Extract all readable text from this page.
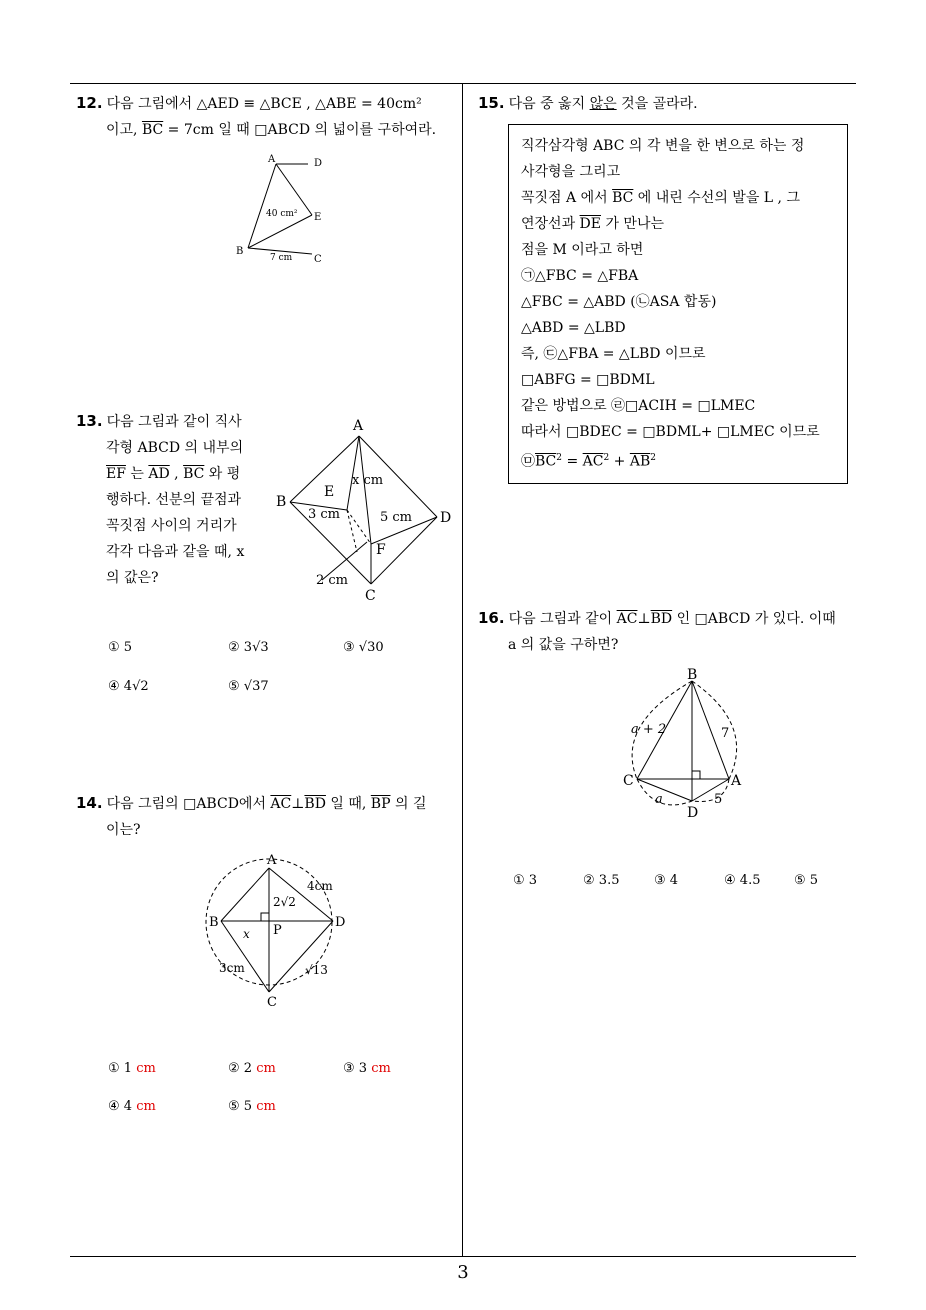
12. 다음 그림에서 △AED ≡ △BCE , △ABE = 40cm²
이고, $\overline{BC} = 7cm$ 일 때 □ABCD 의 넓이를 구하여라.
A	D
E
B
C
40 cm²
7 cm
13. 다음 그림과 같이 직사
각형 ABCD 의 내부의
$\overline{EF}$ 는 $\overline{AD}$ , $\overline{BC}$ 와 평
행하다. 선분의 끝점과
꼭짓점 사이의 거리가
각각 다음과 같을 때, x
의 값은?
A
B
C
D
E
F
x cm
3 cm	5 cm
2 cm
① 5	② 3√3	③ √30
④ 4√2	⑤ √37
14. 다음 그림의 □ABCD에서 $\overline{AC}\perp\overline{BD}$ 일 때, $\overline{BP}$ 의 길
이는?
A
B
C
D
P
4cm
2√2
x
3cm	√13
① 1 cm	② 2 cm	③ 3 cm
④ 4 cm	⑤ 5 cm
15. 다음 중 옳지 않은 것을 골라라.
직각삼각형 ABC 의 각 변을 한 변으로 하는 정
사각형을 그리고
꼭짓점 A 에서 $\overline{BC}$ 에 내린 수선의 발을 L , 그
연장선과 $\overline{DE}$ 가 만나는
점을 M 이라고 하면
㉠△FBC = △FBA
△FBC = △ABD (㉡ASA 합동)
△ABD = △LBD
즉, ㉢△FBA = △LBD 이므로
□ABFG = □BDML
같은 방법으로 ㉣□ACIH = □LMEC
따라서 □BDEC = □BDML+ □LMEC 이므로
$㉤\overline{BC}^2 = \overline{AC}^2 + \overline{AB}^2$
16. 다음 그림과 같이 $\overline{AC}\perp\overline{BD}$ 인 □ABCD 가 있다. 이때
a 의 값을 구하면?
B
C	A
D
a + 2	7
a	5
① 3	② 3.5	③ 4	④ 4.5	⑤ 5
3
